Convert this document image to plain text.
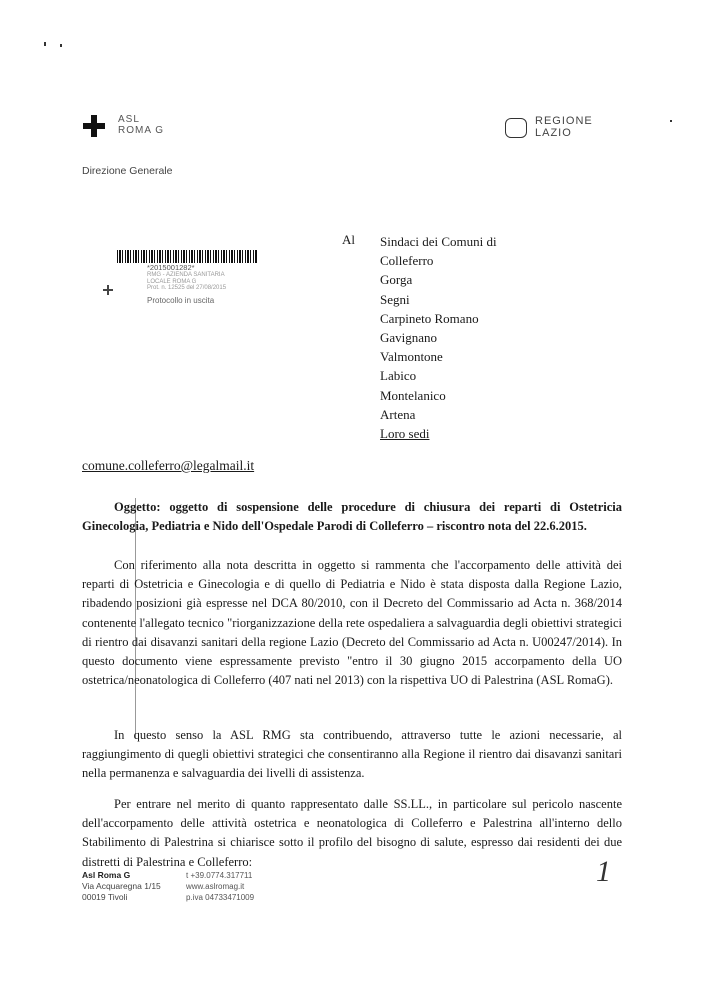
ASL
ROMA G
REGIONE
LAZIO
Direzione Generale
*2015001282*
RMG - AZIENDA SANITARIA
LOCALE ROMA G
Prot. n. 12525 del 27/08/2015
Protocollo in uscita
Al Sindaci dei Comuni di
Colleferro
Gorga
Segni
Carpineto Romano
Gavignano
Valmontone
Labico
Montelanico
Artena
Loro sedi
comune.colleferro@legalmail.it
Oggetto: oggetto di sospensione delle procedure di chiusura dei reparti di Ostetricia Ginecologia, Pediatria e Nido dell'Ospedale Parodi di Colleferro – riscontro nota del 22.6.2015.
Con riferimento alla nota descritta in oggetto si rammenta che l'accorpamento delle attività dei reparti di Ostetricia e Ginecologia e di quello di Pediatria e Nido è stata disposta dalla Regione Lazio, ribadendo posizioni già espresse nel DCA 80/2010, con il Decreto del Commissario ad Acta n. 368/2014 contenente l'allegato tecnico "riorganizzazione della rete ospedaliera a salvaguardia degli obiettivi strategici di rientro dai disavanzi sanitari della regione Lazio (Decreto del Commissario ad Acta n. U00247/2014). In questo documento viene espressamente previsto "entro il 30 giugno 2015 accorpamento della UO ostetrica/neonatologica di Colleferro (407 nati nel 2013) con la rispettiva UO di Palestrina (ASL RomaG).
In questo senso la ASL RMG sta contribuendo, attraverso tutte le azioni necessarie, al raggiungimento di quegli obiettivi strategici che consentiranno alla Regione il rientro dai disavanzi sanitari nella permanenza e salvaguardia dei livelli di assistenza.
Per entrare nel merito di quanto rappresentato dalle SS.LL., in particolare sul pericolo nascente dell'accorpamento delle attività ostetrica e neonatologica di Colleferro e Palestrina all'interno dello Stabilimento di Palestrina si chiarisce sotto il profilo del bisogno di salute, espresso dai residenti dei due distretti di Palestrina e Colleferro:
Asl Roma G
Via Acquaregna 1/15
00019 Tivoli
t +39.0774.317711
www.aslromag.it
p.iva 04733471009
1
